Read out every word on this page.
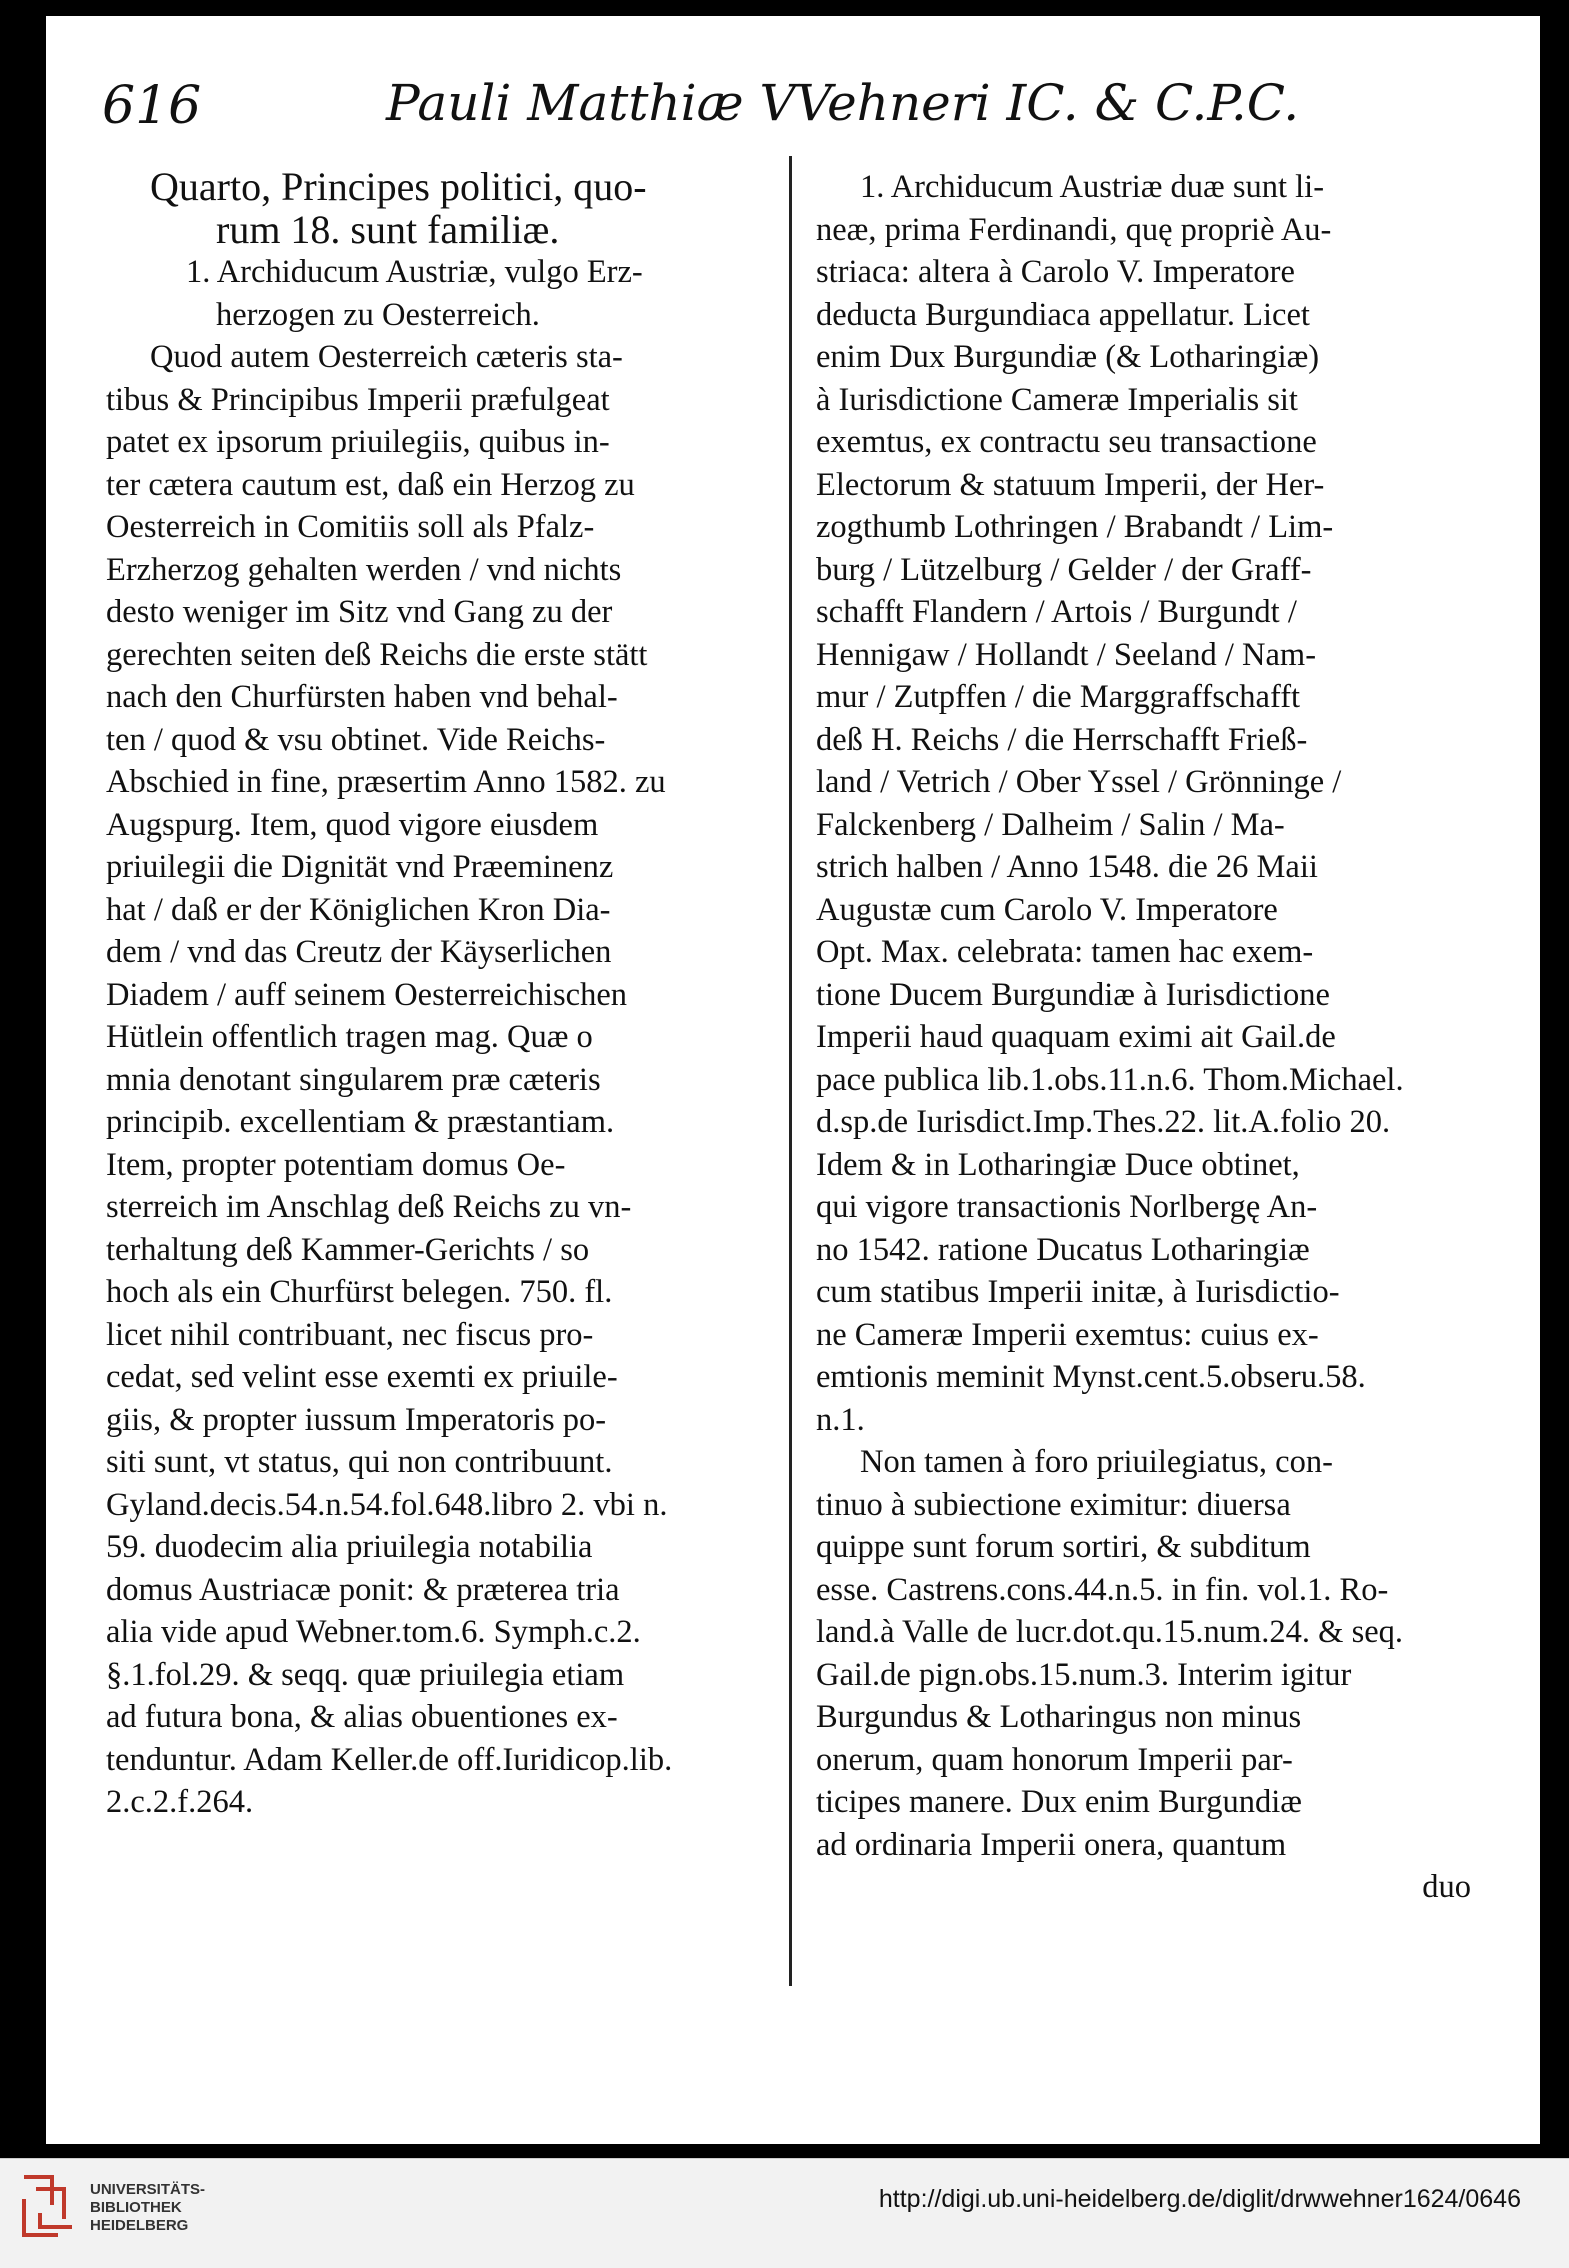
616	Pauli Matthiæ VVehneri IC. & C.P.C.
Quarto, Principes politici, quo-
rum 18. sunt familiæ.
1. Archiducum Austriæ, vulgo Erz-
herzogen zu Oesterreich.
Quod autem Oesterreich cæteris sta-
tibus & Principibus Imperii præfulgeat
patet ex ipsorum priuilegiis, quibus in-
ter cætera cautum est, daß ein Herzog zu
Oesterreich in Comitiis soll als Pfalz-
Erzherzog gehalten werden / vnd nichts
desto weniger im Sitz vnd Gang zu der
gerechten seiten deß Reichs die erste stätt
nach den Churfürsten haben vnd behal-
ten / quod & vsu obtinet. Vide Reichs-
Abschied in fine, præsertim Anno 1582. zu
Augspurg. Item, quod vigore eiusdem
priuilegii die Dignität vnd Præeminenz
hat / daß er der Königlichen Kron Dia-
dem / vnd das Creutz der Käyserlichen
Diadem / auff seinem Oesterreichischen
Hütlein offentlich tragen mag. Quæ o
mnia denotant singularem præ cæteris
principib. excellentiam & præstantiam.
Item, propter potentiam domus Oe-
sterreich im Anschlag deß Reichs zu vn-
terhaltung deß Kammer-Gerichts / so
hoch als ein Churfürst belegen. 750. fl.
licet nihil contribuant, nec fiscus pro-
cedat, sed velint esse exemti ex priuile-
giis, & propter iussum Imperatoris po-
siti sunt, vt status, qui non contribuunt.
Gyland.decis.54.n.54.fol.648.libro 2. vbi n.
59. duodecim alia priuilegia notabilia
domus Austriacæ ponit: & præterea tria
alia vide apud Webner.tom.6. Symph.c.2.
§.1.fol.29. & seqq. quæ priuilegia etiam
ad futura bona, & alias obuentiones ex-
tenduntur. Adam Keller.de off.Iuridicop.lib.
2.c.2.f.264.
1. Archiducum Austriæ duæ sunt li-
neæ, prima Ferdinandi, quę propriè Au-
striaca: altera à Carolo V. Imperatore
deducta Burgundiaca appellatur. Licet
enim Dux Burgundiæ (& Lotharingiæ)
à Iurisdictione Cameræ Imperialis sit
exemtus, ex contractu seu transactione
Electorum & statuum Imperii, der Her-
zogthumb Lothringen / Brabandt / Lim-
burg / Lützelburg / Gelder / der Graff-
schafft Flandern / Artois / Burgundt /
Hennigaw / Hollandt / Seeland / Nam-
mur / Zutpffen / die Marggraffschafft
deß H. Reichs / die Herrschafft Frieß-
land / Vetrich / Ober Yssel / Grönninge /
Falckenberg / Dalheim / Salin / Ma-
strich halben / Anno 1548. die 26 Maii
Augustæ cum Carolo V. Imperatore
Opt. Max. celebrata: tamen hac exem-
tione Ducem Burgundiæ à Iurisdictione
Imperii haud quaquam eximi ait Gail.de
pace publica lib.1.obs.11.n.6. Thom.Michael.
d.sp.de Iurisdict.Imp.Thes.22. lit.A.folio 20.
Idem & in Lotharingiæ Duce obtinet,
qui vigore transactionis Norlbergę An-
no 1542. ratione Ducatus Lotharingiæ
cum statibus Imperii initæ, à Iurisdictio-
ne Cameræ Imperii exemtus: cuius ex-
emtionis meminit Mynst.cent.5.obseru.58.
n.1.
Non tamen à foro priuilegiatus, con-
tinuo à subiectione eximitur: diuersa
quippe sunt forum sortiri, & subditum
esse. Castrens.cons.44.n.5. in fin. vol.1. Ro-
land.à Valle de lucr.dot.qu.15.num.24. & seq.
Gail.de pign.obs.15.num.3. Interim igitur
Burgundus & Lotharingus non minus
onerum, quam honorum Imperii par-
ticipes manere. Dux enim Burgundiæ
ad ordinaria Imperii onera, quantum
duo
UNIVERSITÄTS-
BIBLIOTHEK
HEIDELBERG
http://digi.ub.uni-heidelberg.de/diglit/drwwehner1624/0646
